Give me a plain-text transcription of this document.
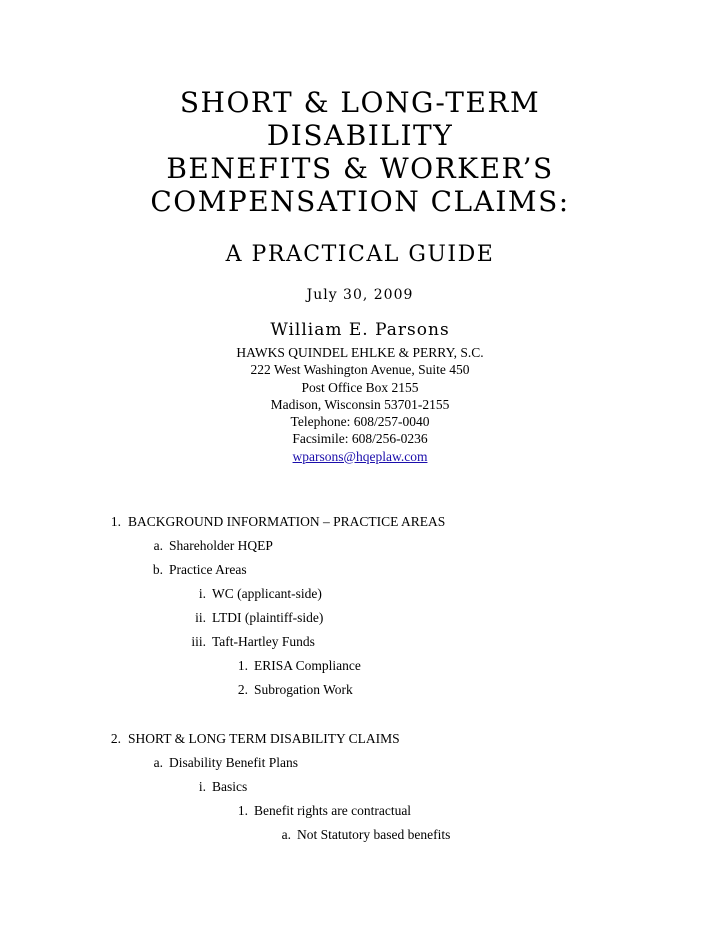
SHORT & LONG-TERM
DISABILITY
BENEFITS & WORKER’S
COMPENSATION CLAIMS:
A PRACTICAL GUIDE
July 30, 2009
William E. Parsons
HAWKS QUINDEL EHLKE & PERRY, S.C.
222 West Washington Avenue, Suite 450
Post Office Box 2155
Madison, Wisconsin 53701-2155
Telephone: 608/257-0040
Facsimile: 608/256-0236
wparsons@hqeplaw.com
1. BACKGROUND INFORMATION – PRACTICE AREAS
a. Shareholder HQEP
b. Practice Areas
i. WC (applicant-side)
ii. LTDI (plaintiff-side)
iii. Taft-Hartley Funds
1. ERISA Compliance
2. Subrogation Work
2. SHORT & LONG TERM DISABILITY CLAIMS
a. Disability Benefit Plans
i. Basics
1. Benefit rights are contractual
a. Not Statutory based benefits
